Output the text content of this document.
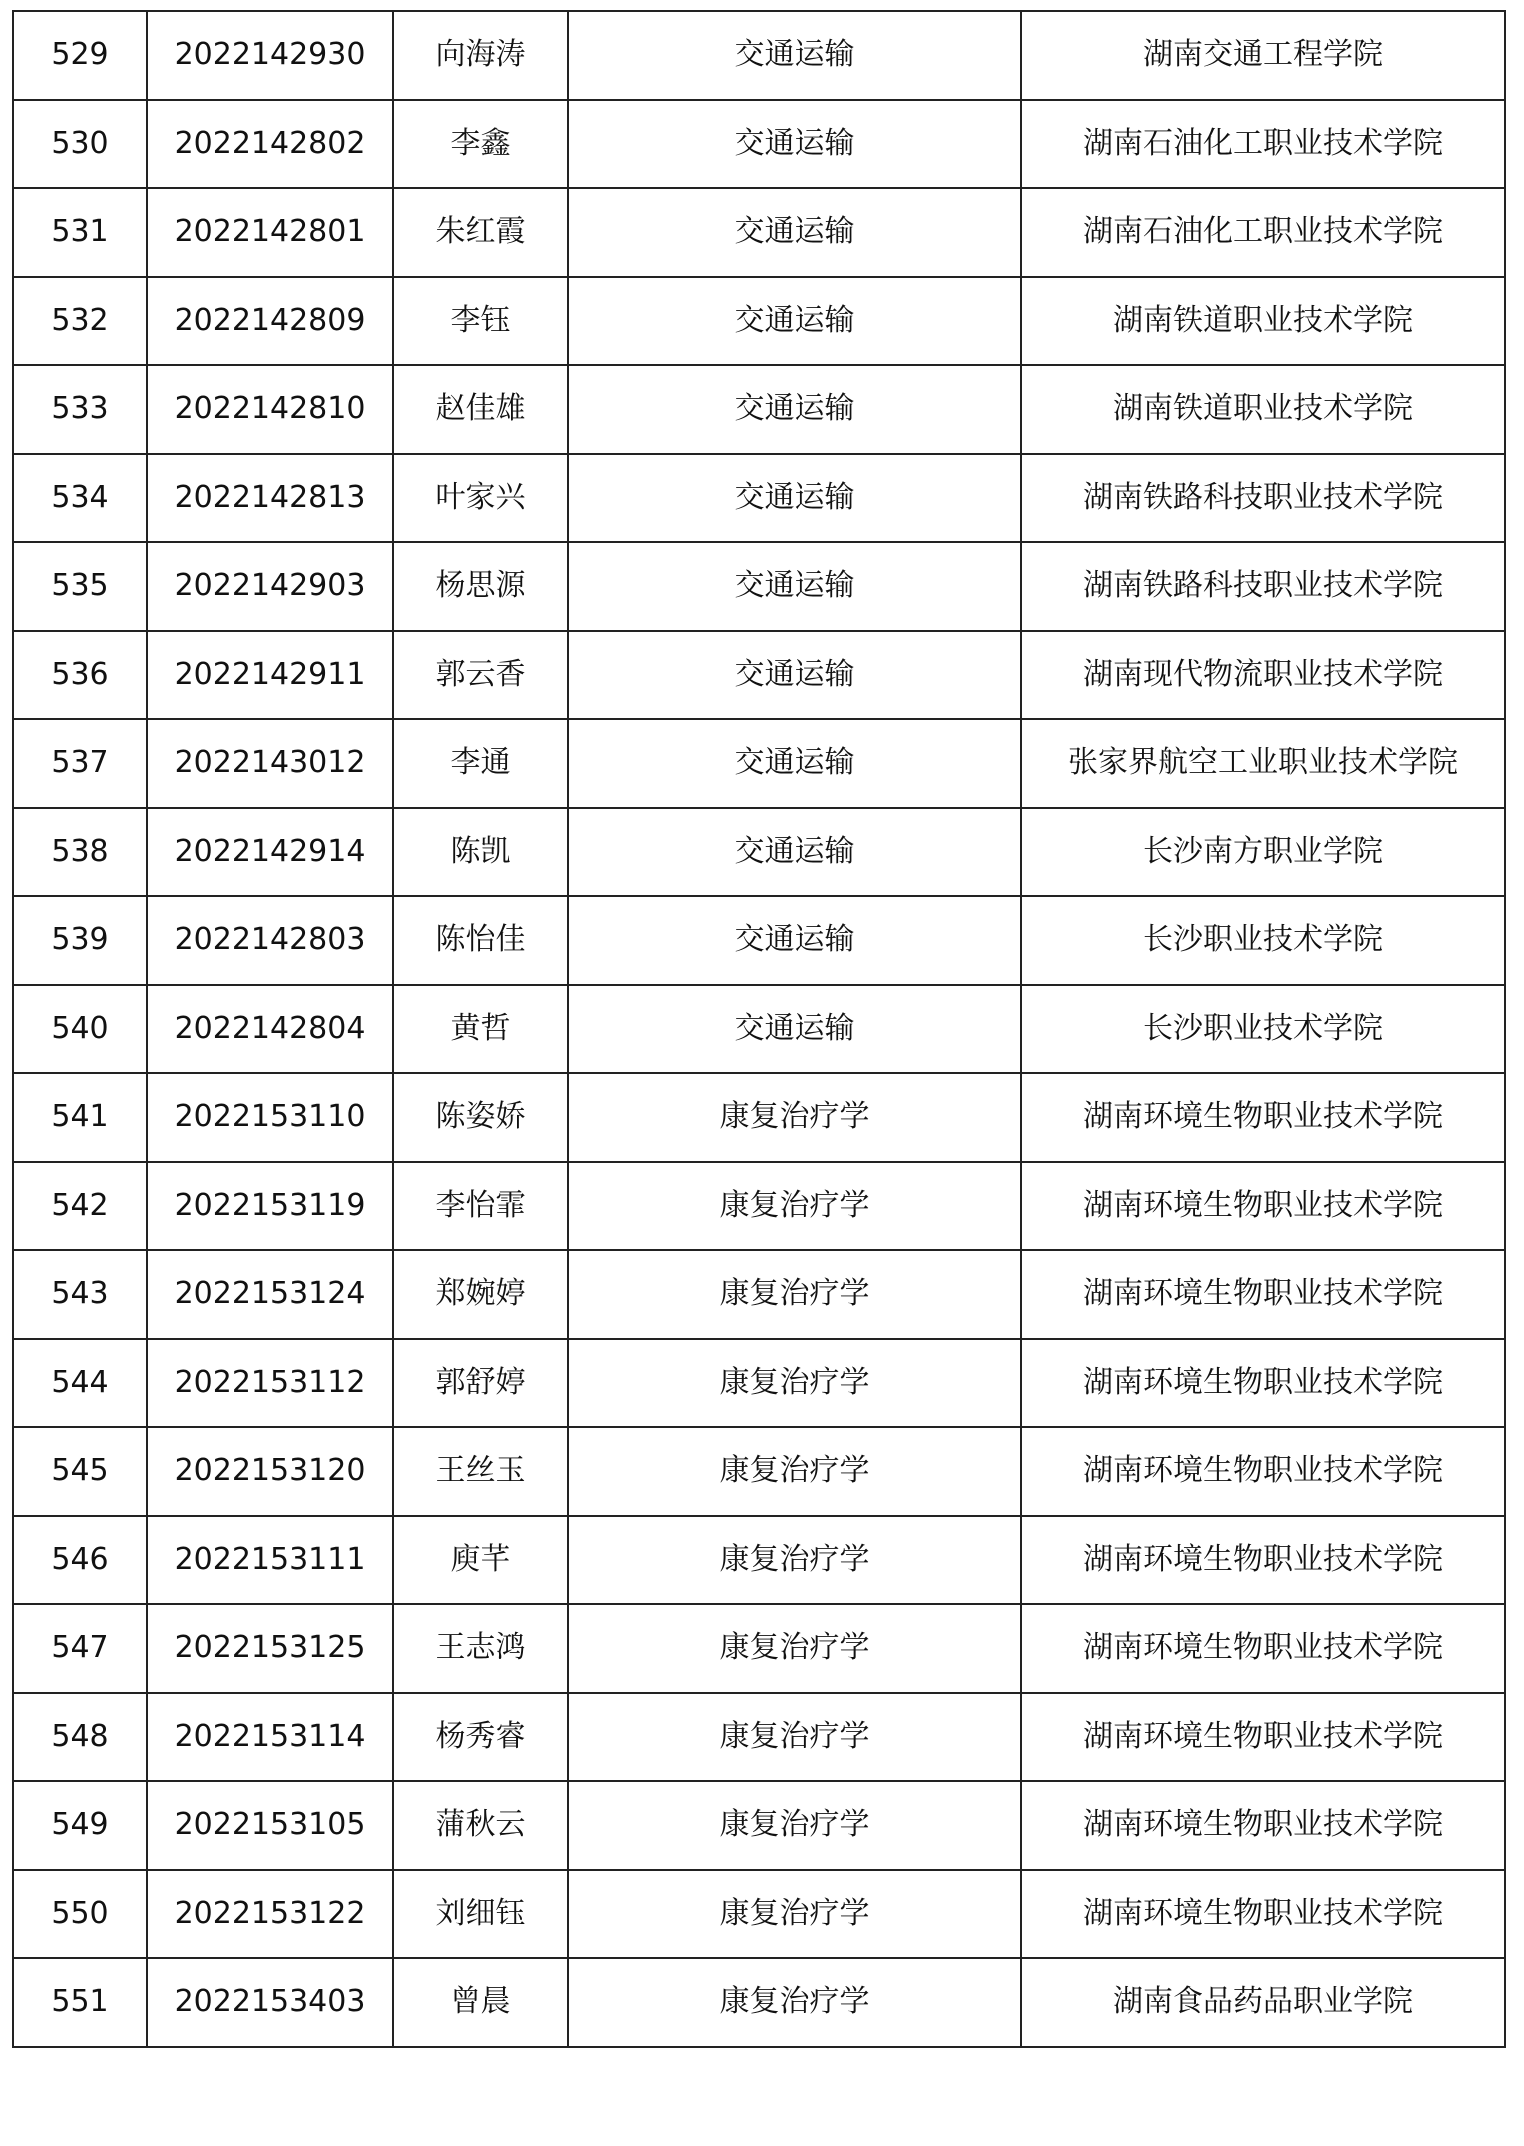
529	2022142930	向海涛	交通运输	湖南交通工程学院
530	2022142802	李鑫	交通运输	湖南石油化工职业技术学院
531	2022142801	朱红霞	交通运输	湖南石油化工职业技术学院
532	2022142809	李钰	交通运输	湖南铁道职业技术学院
533	2022142810	赵佳雄	交通运输	湖南铁道职业技术学院
534	2022142813	叶家兴	交通运输	湖南铁路科技职业技术学院
535	2022142903	杨思源	交通运输	湖南铁路科技职业技术学院
536	2022142911	郭云香	交通运输	湖南现代物流职业技术学院
537	2022143012	李通	交通运输	张家界航空工业职业技术学院
538	2022142914	陈凯	交通运输	长沙南方职业学院
539	2022142803	陈怡佳	交通运输	长沙职业技术学院
540	2022142804	黄哲	交通运输	长沙职业技术学院
541	2022153110	陈姿娇	康复治疗学	湖南环境生物职业技术学院
542	2022153119	李怡霏	康复治疗学	湖南环境生物职业技术学院
543	2022153124	郑婉婷	康复治疗学	湖南环境生物职业技术学院
544	2022153112	郭舒婷	康复治疗学	湖南环境生物职业技术学院
545	2022153120	王丝玉	康复治疗学	湖南环境生物职业技术学院
546	2022153111	庾芊	康复治疗学	湖南环境生物职业技术学院
547	2022153125	王志鸿	康复治疗学	湖南环境生物职业技术学院
548	2022153114	杨秀睿	康复治疗学	湖南环境生物职业技术学院
549	2022153105	蒲秋云	康复治疗学	湖南环境生物职业技术学院
550	2022153122	刘细钰	康复治疗学	湖南环境生物职业技术学院
551	2022153403	曾晨	康复治疗学	湖南食品药品职业学院
